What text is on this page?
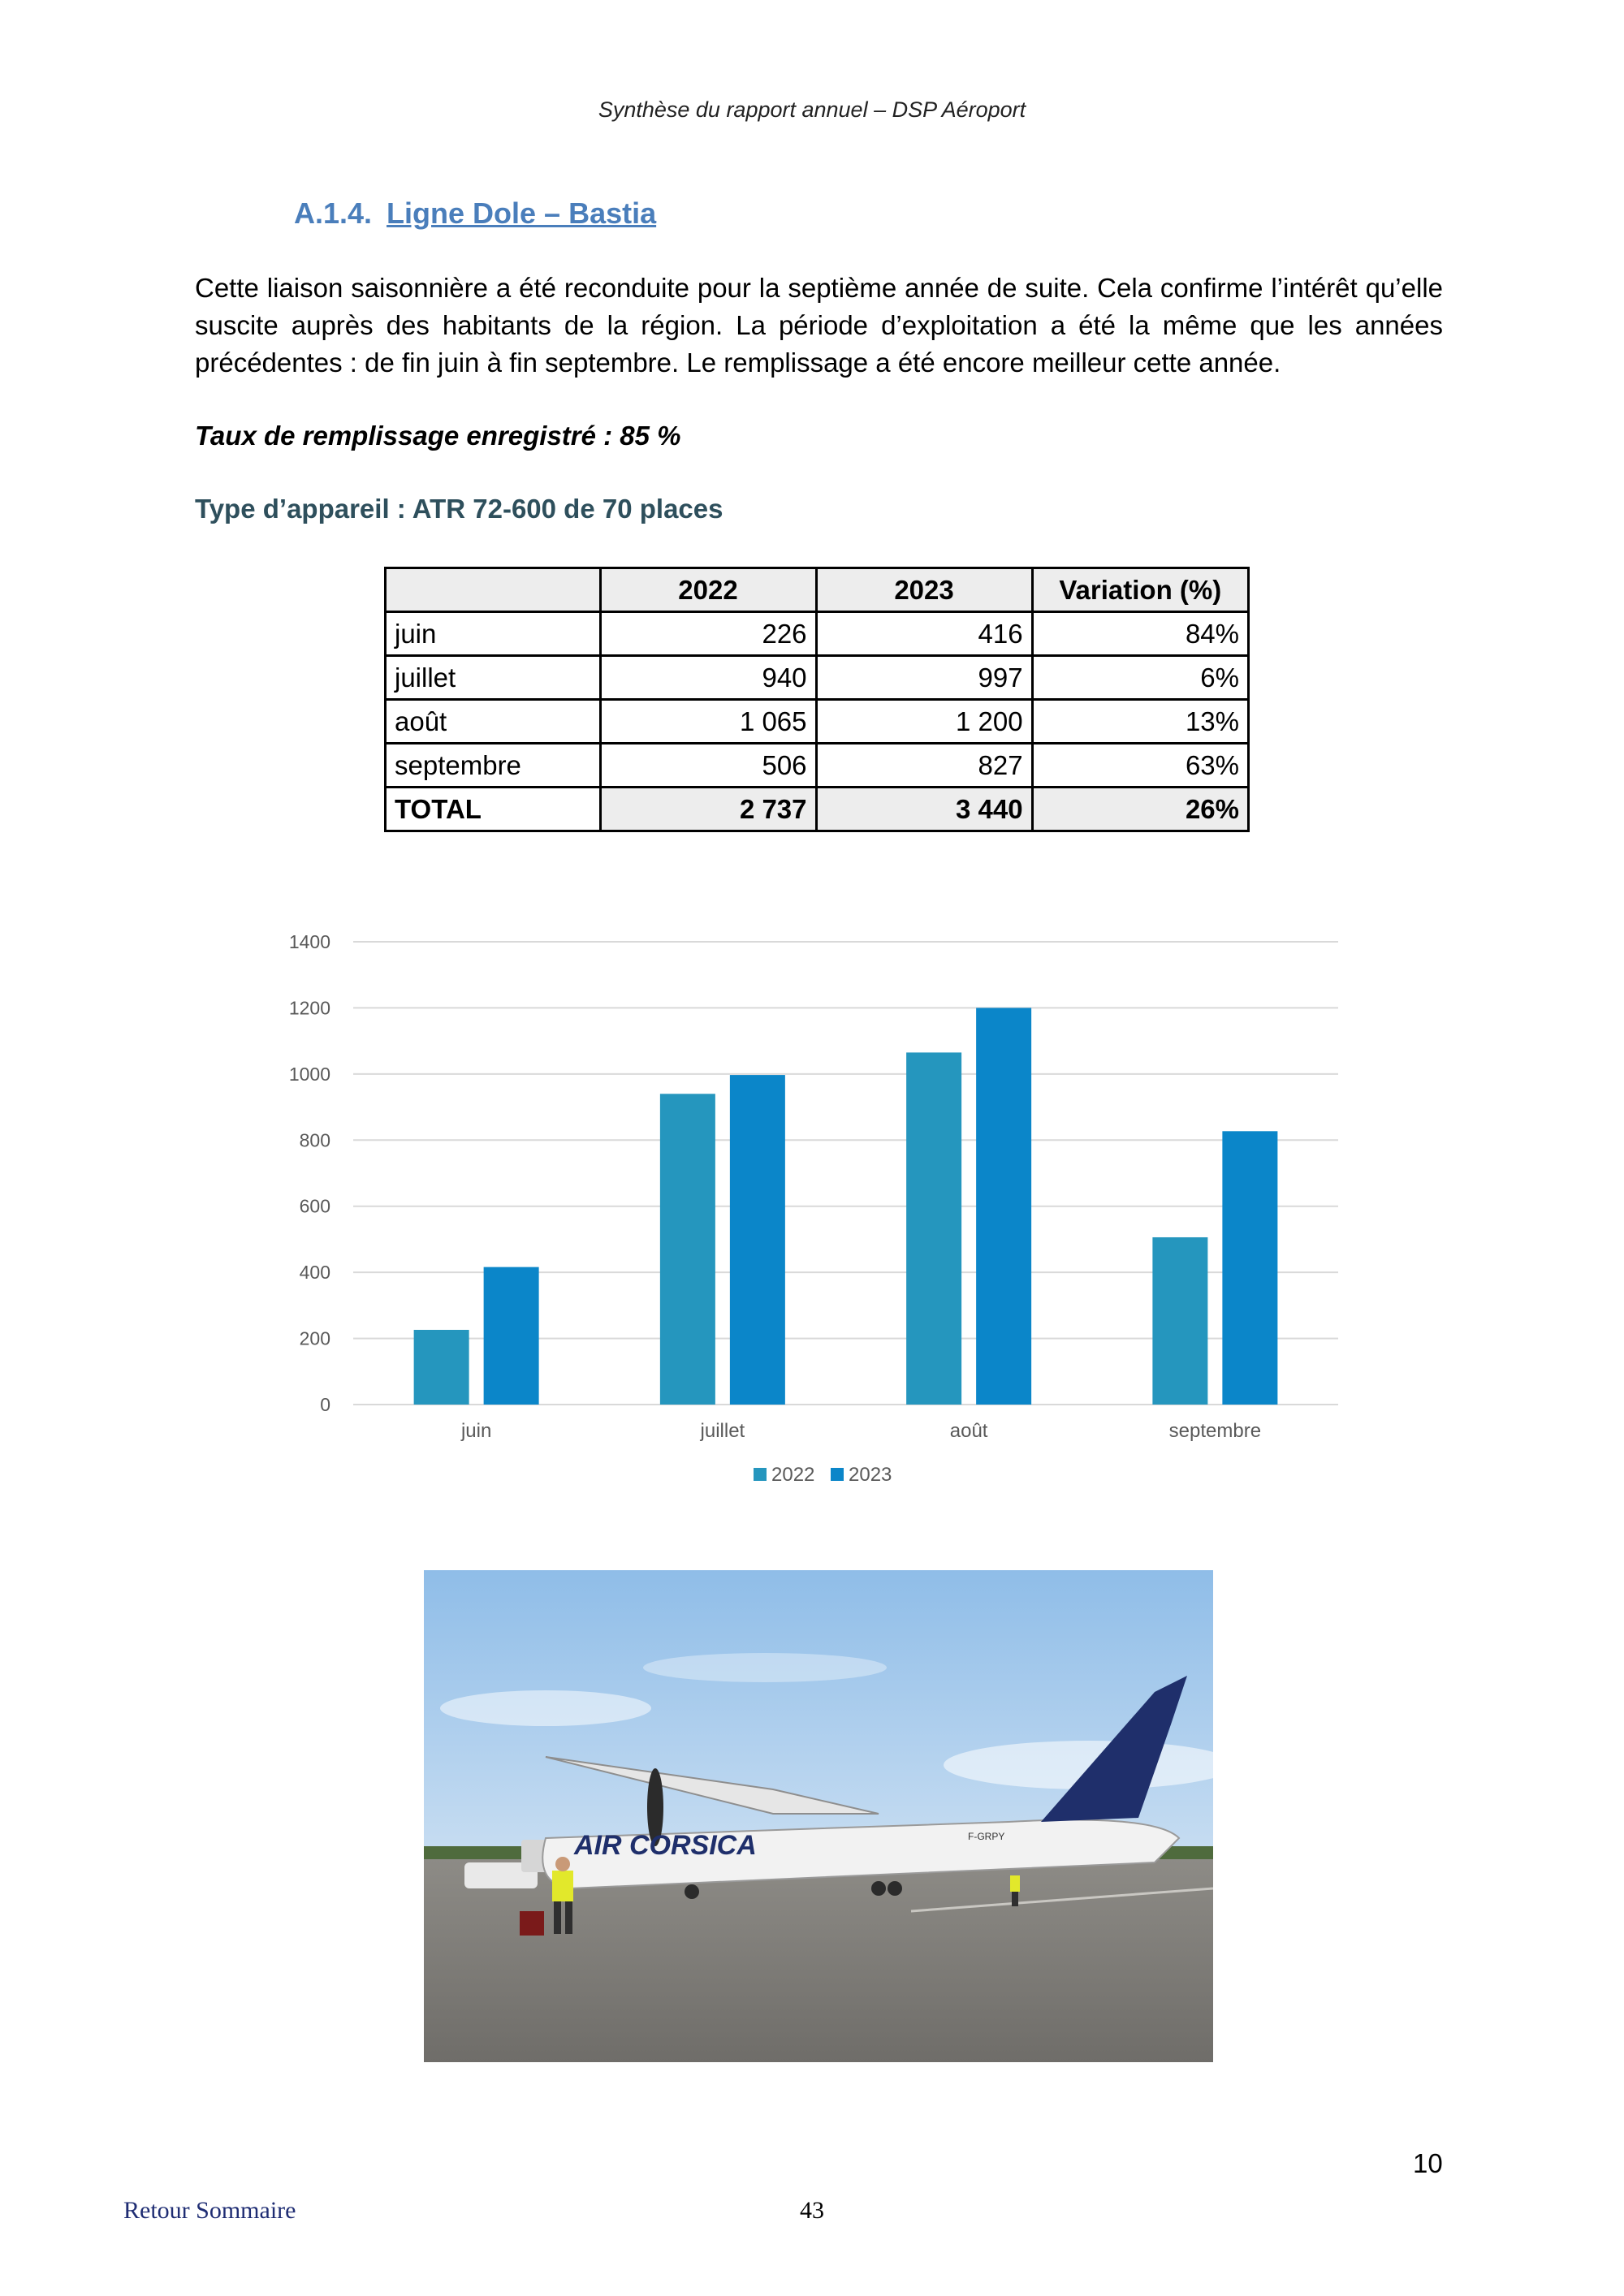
Synthèse du rapport annuel – DSP Aéroport
A.1.4. Ligne Dole – Bastia
Cette liaison saisonnière a été reconduite pour la septième année de suite. Cela confirme l’intérêt qu’elle suscite auprès des habitants de la région. La période d’exploitation a été la même que les années précédentes : de fin juin à fin septembre. Le remplissage a été encore meilleur cette année.
Taux de remplissage enregistré : 85 %
Type d’appareil : ATR 72-600 de 70 places
	2022	2023	Variation (%)
juin	226	416	84%
juillet	940	997	6%
août	1 065	1 200	13%
septembre	506	827	63%
TOTAL	2 737	3 440	26%
0
200
400
600
800
1000
1200
1400
juin	juillet	août	septembre
2022 2023
AIR CORSICA	F-GRPY
10
Retour Sommaire	43
